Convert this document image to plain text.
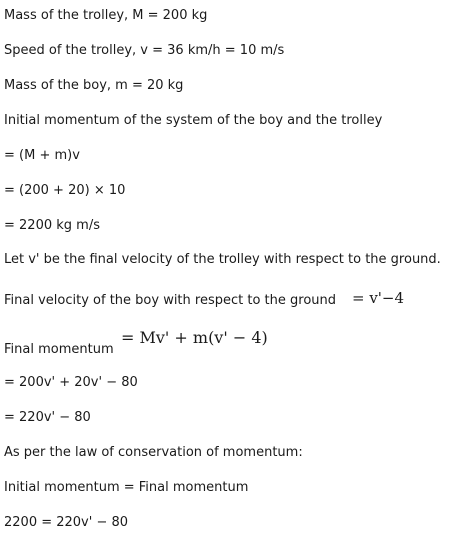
Mass of the trolley, M = 200 kg
Speed of the trolley, v = 36 km/h = 10 m/s
Mass of the boy, m = 20 kg
Initial momentum of the system of the boy and the trolley
= (M + m)v
= (200 + 20) × 10
= 2200 kg m/s
Let v' be the final velocity of the trolley with respect to the ground.
Final velocity of the boy with respect to the ground = v'−4
Final momentum
= Mv' + m(v' − 4)
= 200v' + 20v' − 80
= 220v' − 80
As per the law of conservation of momentum:
Initial momentum = Final momentum
2200 = 220v' − 80
